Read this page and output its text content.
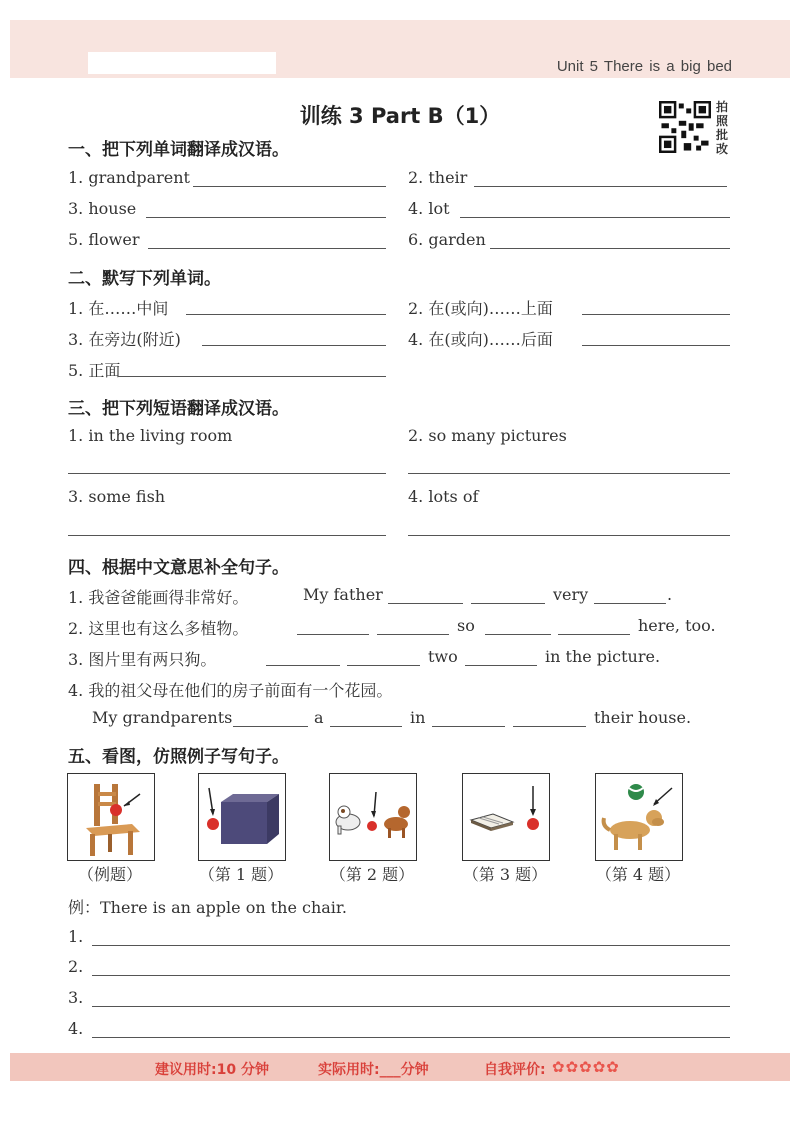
Unit 5 There is a big bed
训练 3 Part B（1）	拍照批改
一、把下列单词翻译成汉语。
1. grandparent	2. their
3. house	4. lot
5. flower	6. garden
二、默写下列单词。
1. 在……中间	2. 在(或向)……上面
3. 在旁边(附近)	4. 在(或向)……后面
5. 正面
三、把下列短语翻译成汉语。
1. in the living room	2. so many pictures
3. some fish	4. lots of
四、根据中文意思补全句子。
1. 我爸爸能画得非常好。	My father	very	.
2. 这里也有这么多植物。	so	here, too.
3. 图片里有两只狗。	two	in the picture.
4. 我的祖父母在他们的房子前面有一个花园。
My grandparents	a	in	their house.
五、看图，仿照例子写句子。
（例题）	（第 1 题）	（第 2 题）	（第 3 题）	（第 4 题）
例：There is an apple on the chair.
1.
2.
3.
4.
建议用时:10 分钟	实际用时:___分钟	自我评价: ✿✿✿✿✿
